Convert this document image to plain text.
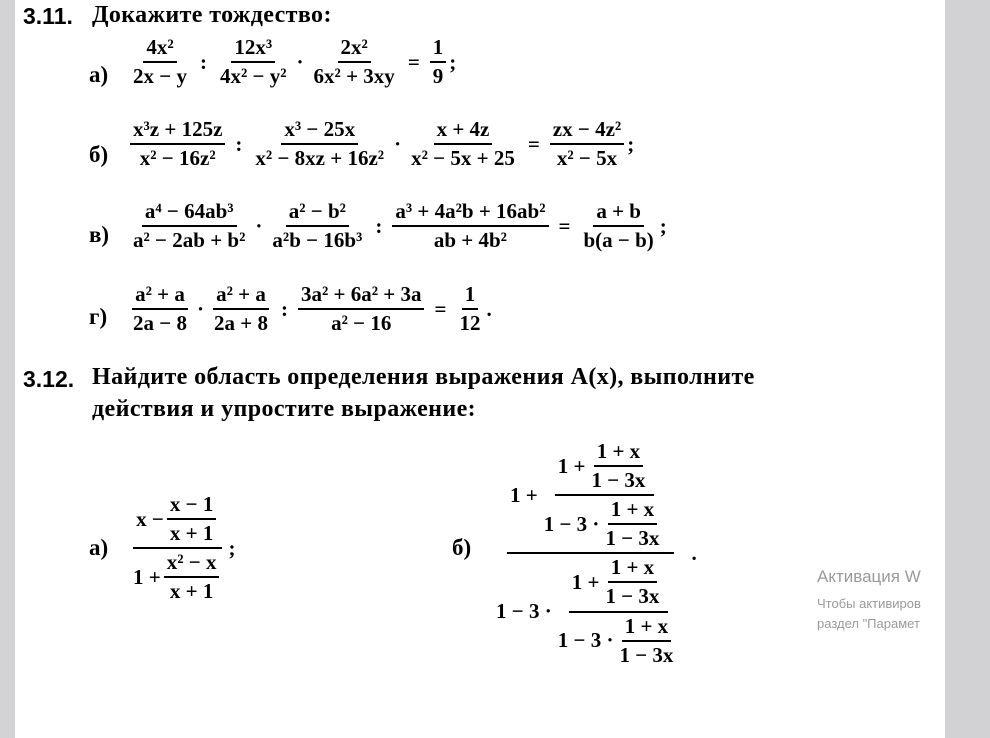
3.11. Докажите тождество:
$а) \frac{\text{4x²}}{2x - y}$ : $\frac{\text{12x³}}{\text{4x² − y²}} \cdot \frac{\text{2x²}}{\text{6x² + 3xy}} = \frac{1}{9}$ ;
$б) \frac{\text{x³z + 125z}}{\text{x² − 16z²}}$ : $\frac{\text{x³ − 25x}}{\text{x² − 8xz + 16z²}} \cdot \frac{x + 4z}{\text{x² − 5x + 25}} = \frac{\text{zx − 4z²}}{\text{x² − 5x}}$ ;
$в) \frac{\text{a⁴ − 64ab³}}{\text{a² − 2ab + b²}} \cdot \frac{\text{a² − b²}}{\text{a²b − 16b³}}$ : $\frac{\text{a³ + 4a²b + 16ab²}}{\text{ab + 4b²}} = \frac{a + b}{b(a - b)}$ ;
$г) \frac{\text{a² + a}}{2a - 8} \cdot \frac{\text{a² + a}}{2a + 8}$ : $\frac{\text{3a² + 6a² + 3a}}{\text{a² − 16}} = \frac{1}{12}$ .
3.12. Найдите область определения выражения A(x), выполните
действия и упростите выражение:
$а) \frac{x - \frac{x - 1}{x + 1}}{1 + \frac{\text{x² − x}}{x + 1}}$ ;	б)
$1 + \frac{1 + \frac{1 + x}{1 - 3x}}{1 - 3 \cdot \frac{1 + x}{1 - 3x}}$
$1 - 3 \cdot \frac{1 + \frac{1 + x}{1 - 3x}}{1 - 3 \cdot \frac{1 + x}{1 - 3x}}$
.
Активация W
Чтобы активиров
раздел "Парамет
